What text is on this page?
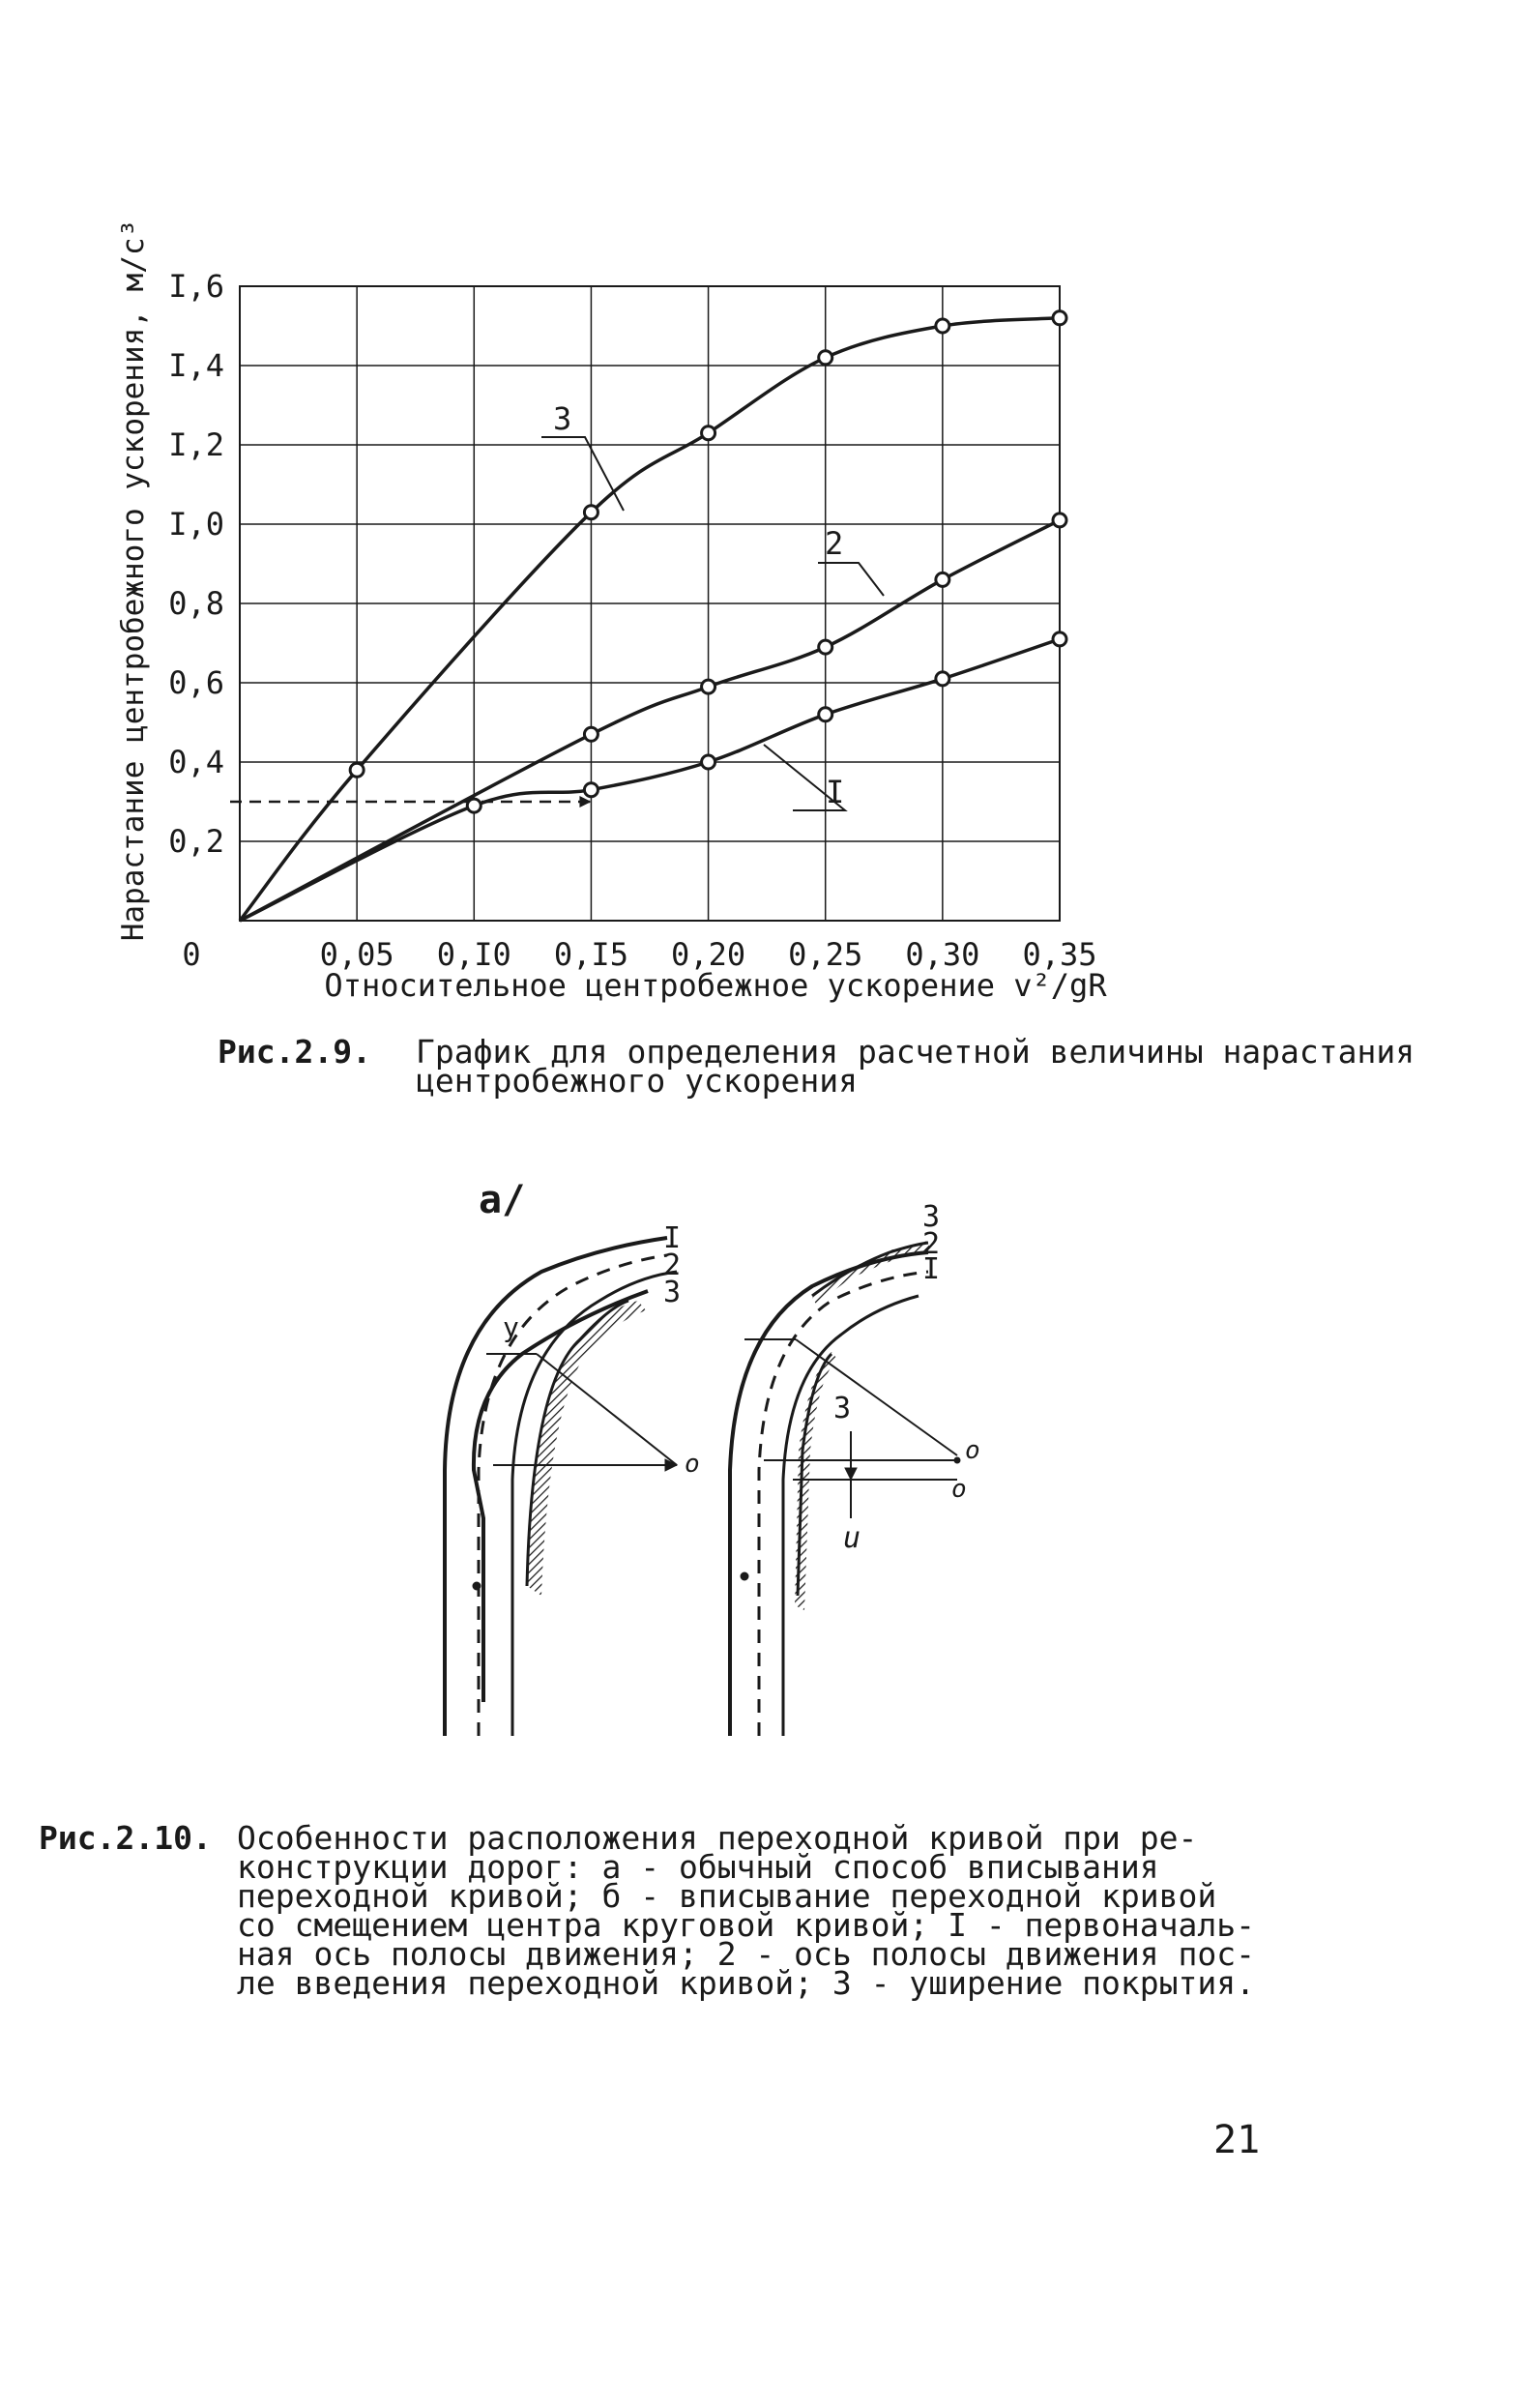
0,05 0,I0 0,I5 0,20 0,25 0,30 0,35
0,2
0,4
0,6
0,8
I,0
I,2
I,4
I,6
3
2
I
Нарастание центробежного ускорения, м/с³
Относительное центробежное ускорение v²/gR
0

Рис.2.9.

График для определения расчетной величины нарастания

центробежного ускорения
I
2
3
у
о
3
2
I
3
о
о
u
а/

Рис.2.10.

Особенности расположения переходной кривой при ре-

конструкции дорог: а - обычный способ вписывания

переходной кривой; б - вписывание переходной кривой

со смещением центра круговой кривой; I - первоначаль-

ная ось полосы движения; 2 - ось полосы движения пос-

ле введения переходной кривой; 3 - уширение покрытия.

21
